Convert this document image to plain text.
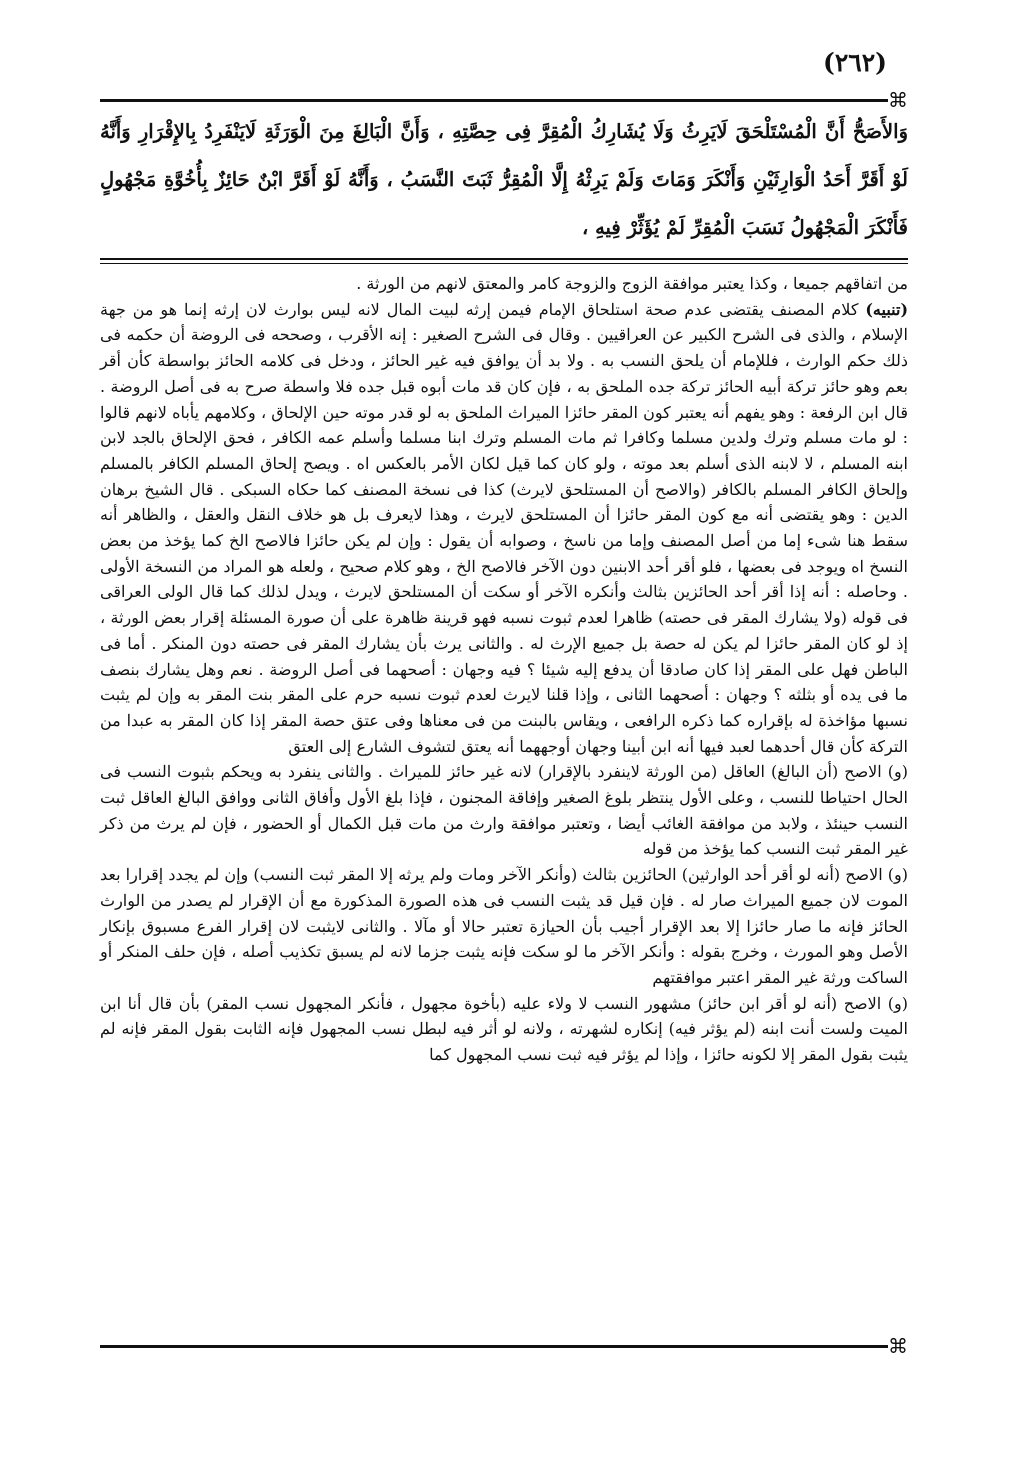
(٢٦٢)
⌘
وَالأَصَحُّ أَنَّ الْمُسْتَلْحَقَ لَايَرِثُ وَلَا يُشَارِكُ الْمُقِرَّ فِى حِصَّتِهِ ، وَأَنَّ الْبَالِغَ مِنَ الْوَرَثَةِ لَايَنْفَرِدُ بِالإِقْرَارِ وَأَنَّهُ لَوْ أَقَرَّ أَحَدُ الْوَارِثَيْنِ وَأَنْكَرَ وَمَاتَ وَلَمْ يَرِثْهُ إِلَّا الْمُقِرُّ ثَبَتَ النَّسَبُ ، وَأَنَّهُ لَوْ أَقَرَّ ابْنٌ حَائِزٌ بِأُخُوَّةِ مَجْهُولٍ فَأَنْكَرَ الْمَجْهُولُ نَسَبَ الْمُقِرِّ لَمْ يُؤَثِّرْ فِيهِ ،

من اتفاقهم جميعا ، وكذا يعتبر موافقة الزوج والزوجة كامر والمعتق لانهم من الورثة .

(تنبيه) كلام المصنف يقتضى عدم صحة استلحاق الإمام فيمن إرثه لبيت المال لانه ليس بوارث لان إرثه إنما هو من جهة الإسلام ، والذى فى الشرح الكبير عن العراقيين . وقال فى الشرح الصغير : إنه الأقرب ، وصححه فى الروضة أن حكمه فى ذلك حكم الوارث ، فللإمام أن يلحق النسب به . ولا بد أن يوافق فيه غير الحائز ، ودخل فى كلامه الحائز بواسطة كأن أقر بعم وهو حائز تركة أبيه الحائز تركة جده الملحق به ، فإن كان قد مات أبوه قبل جده فلا واسطة صرح به فى أصل الروضة . قال ابن الرفعة : وهو يفهم أنه يعتبر كون المقر حائزا الميراث الملحق به لو قدر موته حين الإلحاق ، وكلامهم يأباه لانهم قالوا : لو مات مسلم وترك ولدين مسلما وكافرا ثم مات المسلم وترك ابنا مسلما وأسلم عمه الكافر ، فحق الإلحاق بالجد لابن ابنه المسلم ، لا لابنه الذى أسلم بعد موته ، ولو كان كما قيل لكان الأمر بالعكس اه . ويصح إلحاق المسلم الكافر بالمسلم وإلحاق الكافر المسلم بالكافر (والاصح أن المستلحق لايرث) كذا فى نسخة المصنف كما حكاه السبكى . قال الشيخ برهان الدين : وهو يقتضى أنه مع كون المقر حائزا أن المستلحق لايرث ، وهذا لايعرف بل هو خلاف النقل والعقل ، والظاهر أنه سقط هنا شىء إما من أصل المصنف وإما من ناسخ ، وصوابه أن يقول : وإن لم يكن حائزا فالاصح الخ كما يؤخذ من بعض النسخ اه ويوجد فى بعضها ، فلو أقر أحد الابنين دون الآخر فالاصح الخ ، وهو كلام صحيح ، ولعله هو المراد من النسخة الأولى . وحاصله : أنه إذا أقر أحد الحائزين بثالث وأنكره الآخر أو سكت أن المستلحق لايرث ، ويدل لذلك كما قال الولى العراقى فى قوله (ولا يشارك المقر فى حصته) ظاهرا لعدم ثبوت نسبه فهو قرينة ظاهرة على أن صورة المسئلة إقرار بعض الورثة ، إذ لو كان المقر حائزا لم يكن له حصة بل جميع الإرث له . والثانى يرث بأن يشارك المقر فى حصته دون المنكر . أما فى الباطن فهل على المقر إذا كان صادقا أن يدفع إليه شيئا ؟ فيه وجهان : أصحهما فى أصل الروضة . نعم وهل يشارك بنصف ما فى يده أو بثلثه ؟ وجهان : أصحهما الثانى ، وإذا قلنا لايرث لعدم ثبوت نسبه حرم على المقر بنت المقر به وإن لم يثبت نسبها مؤاخذة له بإقراره كما ذكره الرافعى ، ويقاس بالبنت من فى معناها وفى عتق حصة المقر إذا كان المقر به عبدا من التركة كأن قال أحدهما لعبد فيها أنه ابن أبينا وجهان أوجههما أنه يعتق لتشوف الشارع إلى العتق

(و) الاصح (أن البالغ) العاقل (من الورثة لاينفرد بالإقرار) لانه غير حائز للميراث . والثانى ينفرد به ويحكم بثبوت النسب فى الحال احتياطا للنسب ، وعلى الأول ينتظر بلوغ الصغير وإفاقة المجنون ، فإذا بلغ الأول وأفاق الثانى ووافق البالغ العاقل ثبت النسب حينئذ ، ولابد من موافقة الغائب أيضا ، وتعتبر موافقة وارث من مات قبل الكمال أو الحضور ، فإن لم يرث من ذكر غير المقر ثبت النسب كما يؤخذ من قوله

(و) الاصح (أنه لو أقر أحد الوارثين) الحائزين بثالث (وأنكر الآخر ومات ولم يرثه إلا المقر ثبت النسب) وإن لم يجدد إقرارا بعد الموت لان جميع الميراث صار له . فإن قيل قد يثبت النسب فى هذه الصورة المذكورة مع أن الإقرار لم يصدر من الوارث الحائز فإنه ما صار حائزا إلا بعد الإقرار أجيب بأن الحيازة تعتبر حالا أو مآلا . والثانى لايثبت لان إقرار الفرع مسبوق بإنكار الأصل وهو المورث ، وخرج بقوله : وأنكر الآخر ما لو سكت فإنه يثبت جزما لانه لم يسبق تكذيب أصله ، فإن حلف المنكر أو الساكت ورثة غير المقر اعتبر موافقتهم

(و) الاصح (أنه لو أقر ابن حائز) مشهور النسب لا ولاء عليه (بأخوة مجهول ، فأنكر المجهول نسب المقر) بأن قال أنا ابن الميت ولست أنت ابنه (لم يؤثر فيه) إنكاره لشهرته ، ولانه لو أثر فيه لبطل نسب المجهول فإنه الثابت بقول المقر فإنه لم يثبت بقول المقر إلا لكونه حائزا ، وإذا لم يؤثر فيه ثبت نسب المجهول كما

⌘
